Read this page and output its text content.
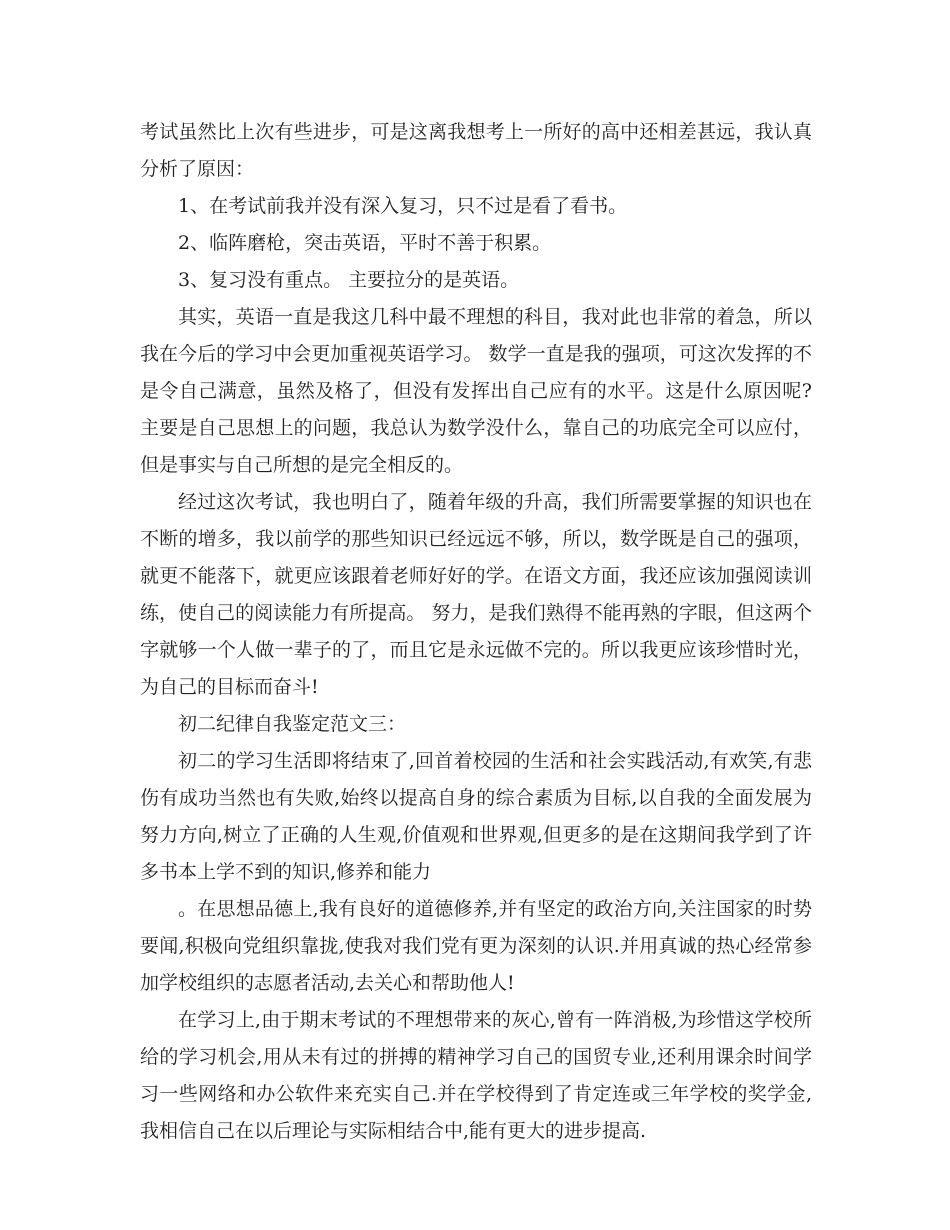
考试虽然比上次有些进步，可是这离我想考上一所好的高中还相差甚远，我认真分析了原因：

1、在考试前我并没有深入复习，只不过是看了看书。

2、临阵磨枪，突击英语，平时不善于积累。

3、复习没有重点。 主要拉分的是英语。

其实，英语一直是我这几科中最不理想的科目，我对此也非常的着急，所以我在今后的学习中会更加重视英语学习。 数学一直是我的强项，可这次发挥的不是令自己满意，虽然及格了，但没有发挥出自己应有的水平。这是什么原因呢?主要是自己思想上的问题，我总认为数学没什么，靠自己的功底完全可以应付，但是事实与自己所想的是完全相反的。

经过这次考试，我也明白了，随着年级的升高，我们所需要掌握的知识也在不断的增多，我以前学的那些知识已经远远不够，所以，数学既是自己的强项，就更不能落下，就更应该跟着老师好好的学。在语文方面，我还应该加强阅读训练，使自己的阅读能力有所提高。 努力，是我们熟得不能再熟的字眼，但这两个字就够一个人做一辈子的了，而且它是永远做不完的。所以我更应该珍惜时光，为自己的目标而奋斗!

初二纪律自我鉴定范文三：

初二的学习生活即将结束了,回首着校园的生活和社会实践活动,有欢笑,有悲伤有成功当然也有失败,始终以提高自身的综合素质为目标,以自我的全面发展为努力方向,树立了正确的人生观,价值观和世界观,但更多的是在这期间我学到了许多书本上学不到的知识,修养和能力

。在思想品德上,我有良好的道德修养,并有坚定的政治方向,关注国家的时势要闻,积极向党组织靠拢,使我对我们党有更为深刻的认识.并用真诚的热心经常参加学校组织的志愿者活动,去关心和帮助他人!

在学习上,由于期末考试的不理想带来的灰心,曾有一阵消极,为珍惜这学校所给的学习机会,用从未有过的拼搏的精神学习自己的国贸专业,还利用课余时间学习一些网络和办公软件来充实自己.并在学校得到了肯定连或三年学校的奖学金,我相信自己在以后理论与实际相结合中,能有更大的进步提高.
